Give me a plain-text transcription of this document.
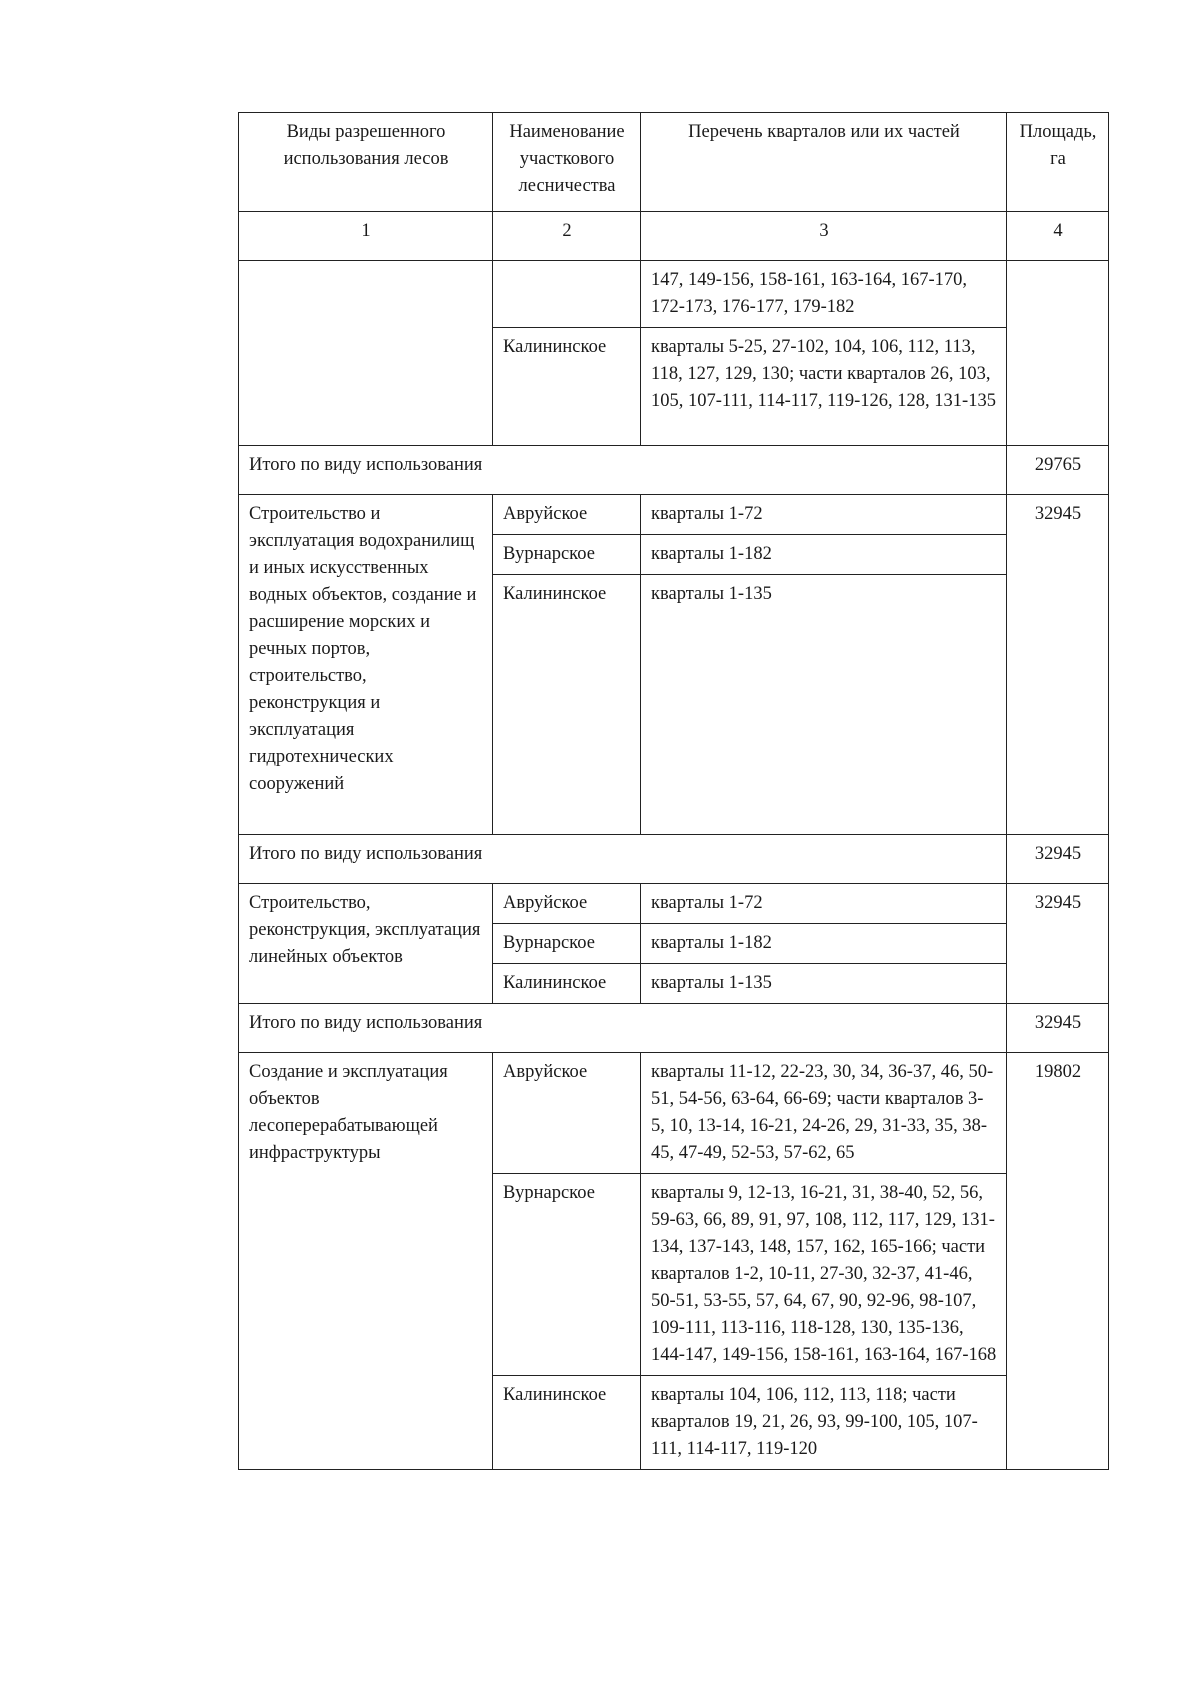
Виды разрешенного использования лесов	Наименование участкового лесничества	Перечень кварталов или их частей	Площадь, га
1	2	3	4
		147, 149-156, 158-161, 163-164, 167-170, 172-173, 176-177, 179-182	
	Калининское	кварталы 5-25, 27-102, 104, 106, 112, 113, 118, 127, 129, 130; части кварталов 26, 103, 105, 107-111, 114-117, 119-126, 128, 131-135	
Итого по виду использования			29765
Строительство и эксплуатация водохранилищ и иных искусственных водных объектов, создание и расширение морских и речных портов, строительство, реконструкция и эксплуатация гидротехнических сооружений	Авруйское	кварталы 1-72	32945
	Вурнарское	кварталы 1-182	
	Калининское	кварталы 1-135	
Итого по виду использования			32945
Строительство, реконструкция, эксплуатация линейных объектов	Авруйское	кварталы 1-72	32945
	Вурнарское	кварталы 1-182	
	Калининское	кварталы 1-135	
Итого по виду использования			32945
Создание и эксплуатация объектов лесоперерабатывающей инфраструктуры	Авруйское	кварталы 11-12, 22-23, 30, 34, 36-37, 46, 50-51, 54-56, 63-64, 66-69; части кварталов 3-5, 10, 13-14, 16-21, 24-26, 29, 31-33, 35, 38-45, 47-49, 52-53, 57-62, 65	19802
	Вурнарское	кварталы 9, 12-13, 16-21, 31, 38-40, 52, 56, 59-63, 66, 89, 91, 97, 108, 112, 117, 129, 131-134, 137-143, 148, 157, 162, 165-166; части кварталов 1-2, 10-11, 27-30, 32-37, 41-46, 50-51, 53-55, 57, 64, 67, 90, 92-96, 98-107, 109-111, 113-116, 118-128, 130, 135-136, 144-147, 149-156, 158-161, 163-164, 167-168	
	Калининское	кварталы 104, 106, 112, 113, 118; части кварталов 19, 21, 26, 93, 99-100, 105, 107-111, 114-117, 119-120	
